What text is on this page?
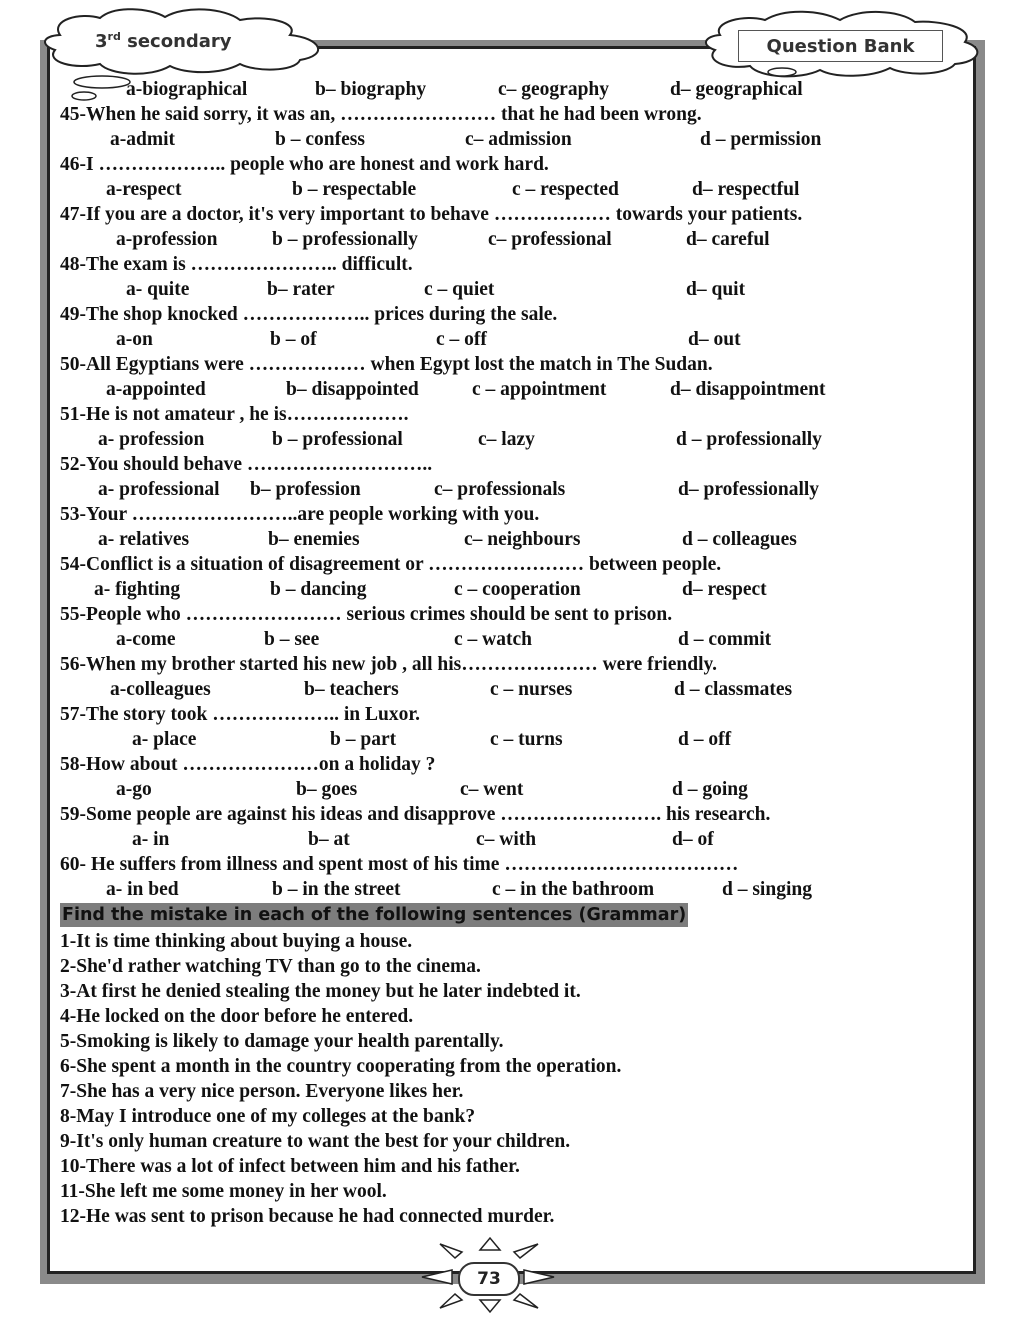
3rd secondary	Question Bank
a-biographical	b– biography	c– geography	d– geographical
45-When he said sorry, it was an, …………………… that he had been wrong.
a-admit	b – confess	c– admission	d – permission
46-I ……………….. people who are honest and work hard.
a-respect	b – respectable	c – respected	d– respectful
47-If you are a doctor, it's very important to behave ……………… towards your patients.
a-profession	b – professionally	c– professional	d– careful
48-The exam is ………………….. difficult.
a- quite	b– rater	c – quiet	d– quit
49-The shop knocked ……………….. prices during the sale.
a-on	b – of	c – off	d– out
50-All Egyptians were ……………… when Egypt lost the match in The Sudan.
a-appointed	b– disappointed	c – appointment	d– disappointment
51-He is not amateur , he is……………….
a- profession	b – professional	c– lazy	d – professionally
52-You should behave ………………………..
a- professional b– profession	c– professionals	d– professionally
53-Your ……………………..are people working with you.
a- relatives	b– enemies	c– neighbours	d – colleagues
54-Conflict is a situation of disagreement or …………………… between people.
a- fighting	b – dancing	c – cooperation	d– respect
55-People who …………………… serious crimes should be sent to prison.
a-come	b – see	c – watch	d – commit
56-When my brother started his new job , all his………………… were friendly.
a-colleagues	b– teachers	c – nurses	d – classmates
57-The story took ……………….. in Luxor.
a- place	b – part	c – turns	d – off
58-How about …………………on a holiday ?
a-go	b– goes	c– went	d – going
59-Some people are against his ideas and disapprove ……………………. his research.
a- in	b– at	c– with	d– of
60- He suffers from illness and spent most of his time ………………………………
a- in bed	b – in the street	c – in the bathroom	d – singing
Find the mistake in each of the following sentences (Grammar)
1-It is time thinking about buying a house.
2-She'd rather watching TV than go to the cinema.
3-At first he denied stealing the money but he later indebted it.
4-He locked on the door before he entered.
5-Smoking is likely to damage your health parentally.
6-She spent a month in the country cooperating from the operation.
7-She has a very nice person. Everyone likes her.
8-May I introduce one of my colleges at the bank?
9-It's only human creature to want the best for your children.
10-There was a lot of infect between him and his father.
11-She left me some money in her wool.
12-He was sent to prison because he had connected murder.
73
